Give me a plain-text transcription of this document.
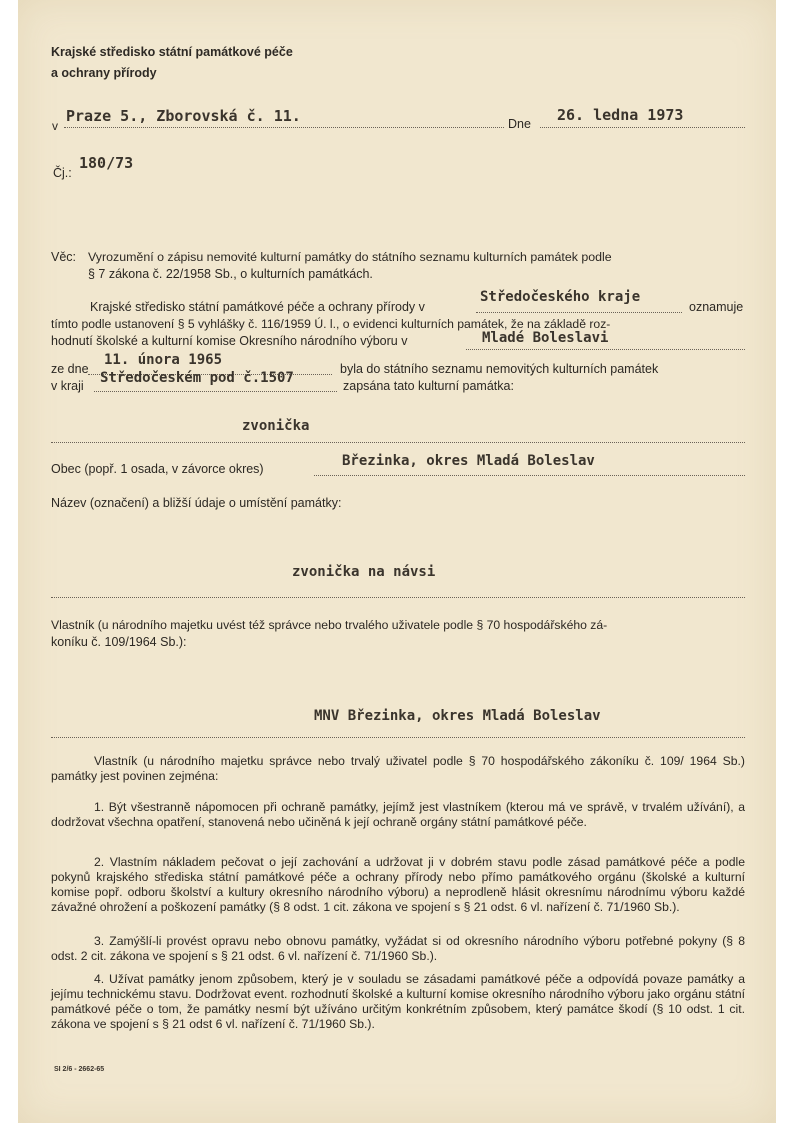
Krajské středisko státní památkové péče
a ochrany přírody
v
Praze 5., Zborovská č. 11.	Dne 26. ledna 1973
180/73
Čj.:
Věc: Vyrozumění o zápisu nemovité kulturní památky do státního seznamu kulturních památek podle
§ 7 zákona č. 22/1958 Sb., o kulturních památkách.
Krajské středisko státní památkové péče a ochrany přírody v
Středočeského kraje
oznamuje
tímto podle ustanovení § 5 vyhlášky č. 116/1959 Ú. l., o evidenci kulturních památek, že na základě roz-
hodnutí školské a kulturní komise Okresního národního výboru v	Mladé Boleslavi
ze dne
11. února 1965
byla do státního seznamu nemovitých kulturních památek
v kraji Středočeském pod č.1507	zapsána tato kulturní památka:
zvonička
Obec (popř. 1 osada, v závorce okres)	Březinka, okres Mladá Boleslav
Název (označení) a bližší údaje o umístění památky:
zvonička na návsi
Vlastník (u národního majetku uvést též správce nebo trvalého uživatele podle § 70 hospodářského zá-
koníku č. 109/1964 Sb.):
MNV Březinka, okres Mladá Boleslav

Vlastník (u národního majetku správce nebo trvalý uživatel podle § 70 hospodářského zákoníku č. 109/ 1964 Sb.) památky jest povinen zejména:

1. Být všestranně nápomocen při ochraně památky, jejímž jest vlastníkem (kterou má ve správě, v trvalém užívání), a dodržovat všechna opatření, stanovená nebo učiněná k její ochraně orgány státní památkové péče.

2. Vlastním nákladem pečovat o její zachování a udržovat ji v dobrém stavu podle zásad památkové péče a podle pokynů krajského střediska státní památkové péče a ochrany přírody nebo přímo památkového orgánu (školské a kulturní komise popř. odboru školství a kultury okresního národního výboru) a neprodleně hlásit okresnímu národnímu výboru každé závažné ohrožení a poškození památky (§ 8 odst. 1 cit. zákona ve spojení s § 21 odst. 6 vl. nařízení č. 71/1960 Sb.).

3. Zamýšlí-li provést opravu nebo obnovu památky, vyžádat si od okresního národního výboru potřebné pokyny (§ 8 odst. 2 cit. zákona ve spojení s § 21 odst. 6 vl. nařízení č. 71/1960 Sb.).

4. Užívat památky jenom způsobem, který je v souladu se zásadami památkové péče a odpovídá povaze památky a jejímu technickému stavu. Dodržovat event. rozhodnutí školské a kulturní komise okresního národního výboru jako orgánu státní památkové péče o tom, že památky nesmí být užíváno určitým konkrétním způsobem, který památce škodí (§ 10 odst. 1 cit. zákona ve spojení s § 21 odst 6 vl. nařízení č. 71/1960 Sb.).

SI 2/6 - 2662-65
